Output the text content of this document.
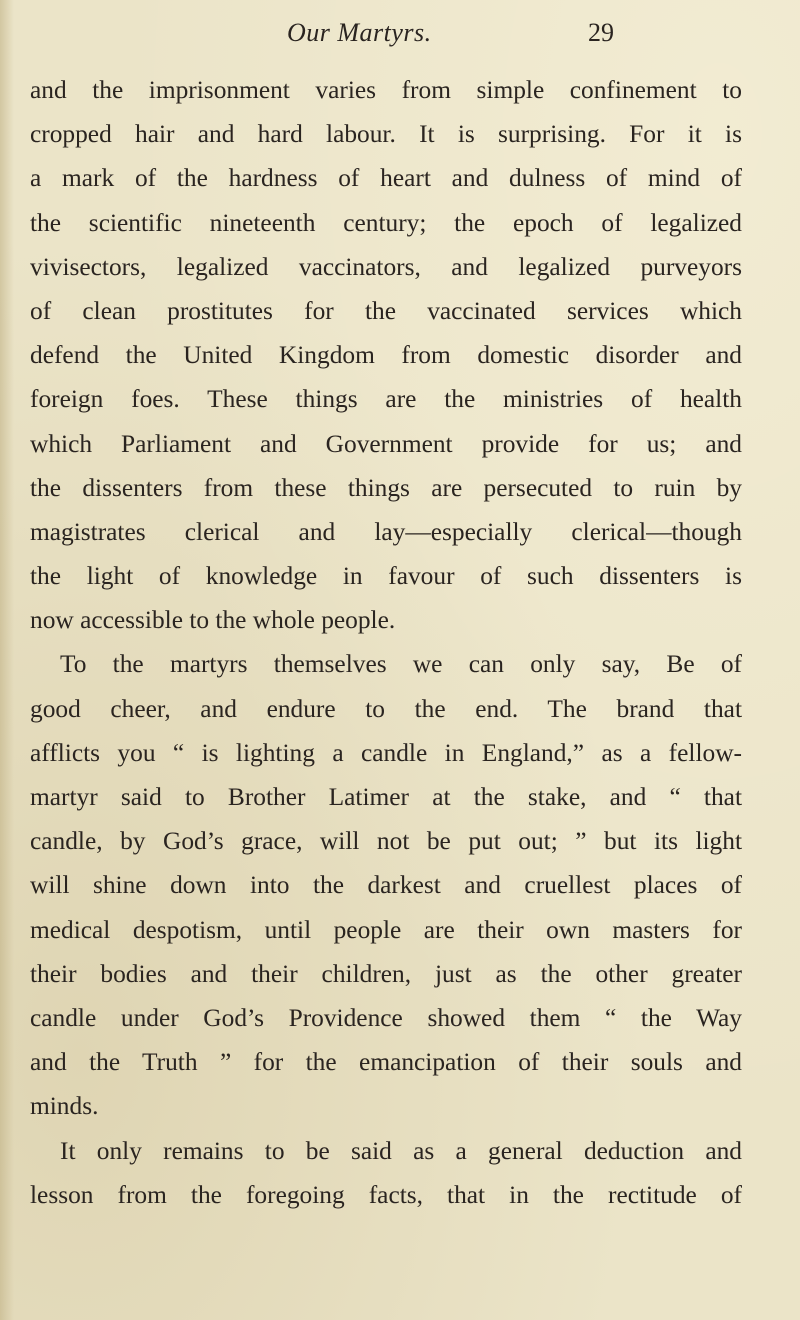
Our Martyrs.	29
and the imprisonment varies from simple confinement to
cropped hair and hard labour. It is surprising. For it is
a mark of the hardness of heart and dulness of mind of
the scientific nineteenth century; the epoch of legalized
vivisectors, legalized vaccinators, and legalized purveyors
of clean prostitutes for the vaccinated services which
defend the United Kingdom from domestic disorder and
foreign foes. These things are the ministries of health
which Parliament and Government provide for us; and
the dissenters from these things are persecuted to ruin by
magistrates clerical and lay—especially clerical—though
the light of knowledge in favour of such dissenters is
now accessible to the whole people.
To the martyrs themselves we can only say, Be of
good cheer, and endure to the end. The brand that
afflicts you “ is lighting a candle in England,” as a fellow-
martyr said to Brother Latimer at the stake, and “ that
candle, by God’s grace, will not be put out; ” but its light
will shine down into the darkest and cruellest places of
medical despotism, until people are their own masters for
their bodies and their children, just as the other greater
candle under God’s Providence showed them “ the Way
and the Truth ” for the emancipation of their souls and
minds.
It only remains to be said as a general deduction and
lesson from the foregoing facts, that in the rectitude of
